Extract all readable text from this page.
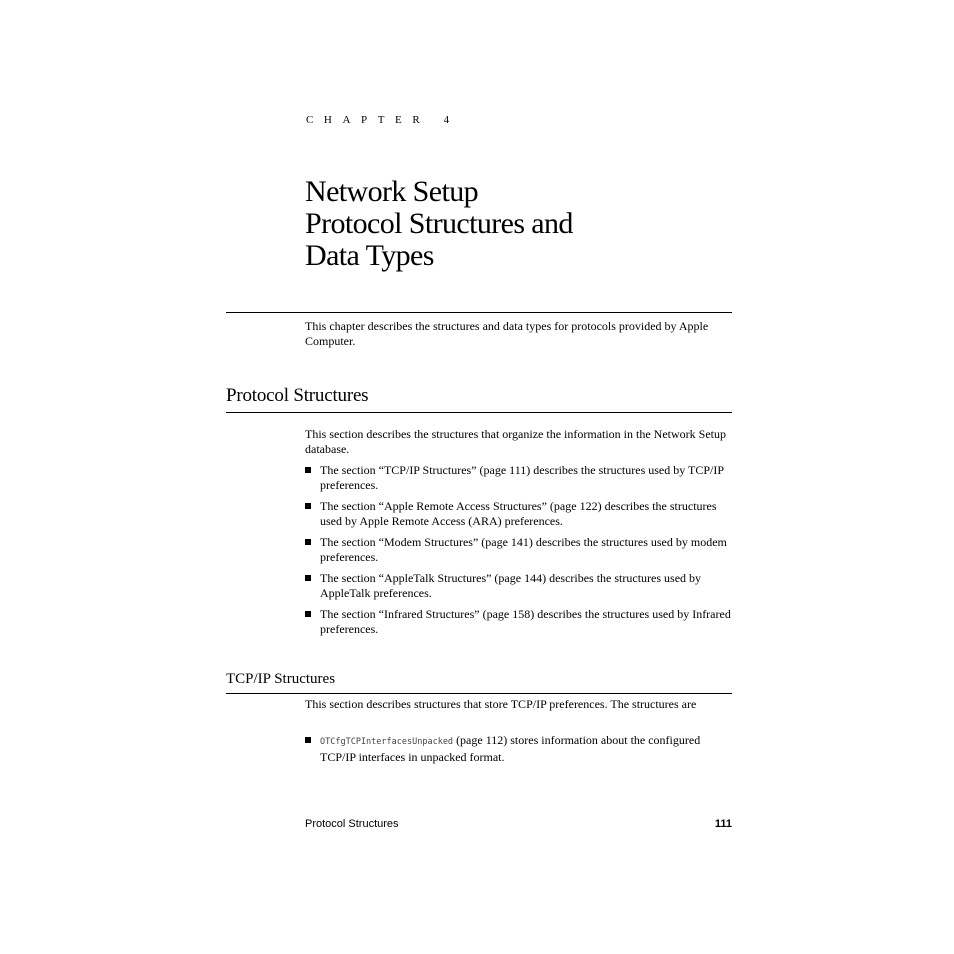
CHAPTER 4
Network Setup
Protocol Structures and
Data Types

This chapter describes the structures and data types for protocols provided by Apple Computer.

Protocol Structures

This section describes the structures that organize the information in the Network Setup database.

The section “TCP/IP Structures” (page 111) describes the structures used by TCP/IP preferences.
The section “Apple Remote Access Structures” (page 122) describes the structures used by Apple Remote Access (ARA) preferences.
The section “Modem Structures” (page 141) describes the structures used by modem preferences.
The section “AppleTalk Structures” (page 144) describes the structures used by AppleTalk preferences.
The section “Infrared Structures” (page 158) describes the structures used by Infrared preferences.
TCP/IP Structures

This section describes structures that store TCP/IP preferences. The structures are

OTCfgTCPInterfacesUnpacked (page 112) stores information about the configured TCP/IP interfaces in unpacked format.
Protocol Structures	111
